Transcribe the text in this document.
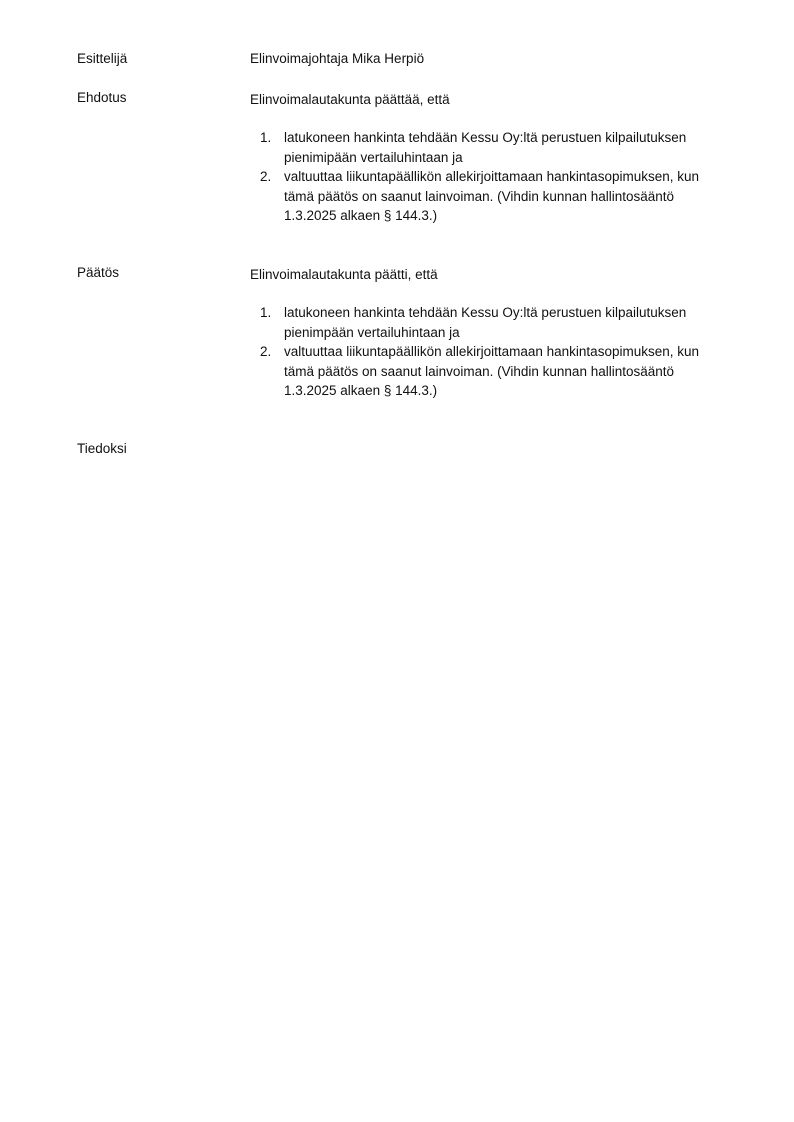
Esittelijä	Elinvoimajohtaja Mika Herpiö
Ehdotus	Elinvoimalautakunta päättää, että

1. latukoneen hankinta tehdään Kessu Oy:ltä perustuen kilpailutuksen pienimipään vertailuhintaan ja
2. valtuuttaa liikuntapäällikön allekirjoittamaan hankintasopimuksen, kun tämä päätös on saanut lainvoiman. (Vihdin kunnan hallintosääntö 1.3.2025 alkaen § 144.3.)
Päätös	Elinvoimalautakunta päätti, että

1. latukoneen hankinta tehdään Kessu Oy:ltä perustuen kilpailutuksen pienimpään vertailuhintaan ja
2. valtuuttaa liikuntapäällikön allekirjoittamaan hankintasopimuksen, kun tämä päätös on saanut lainvoiman. (Vihdin kunnan hallintosääntö 1.3.2025 alkaen § 144.3.)
Tiedoksi
